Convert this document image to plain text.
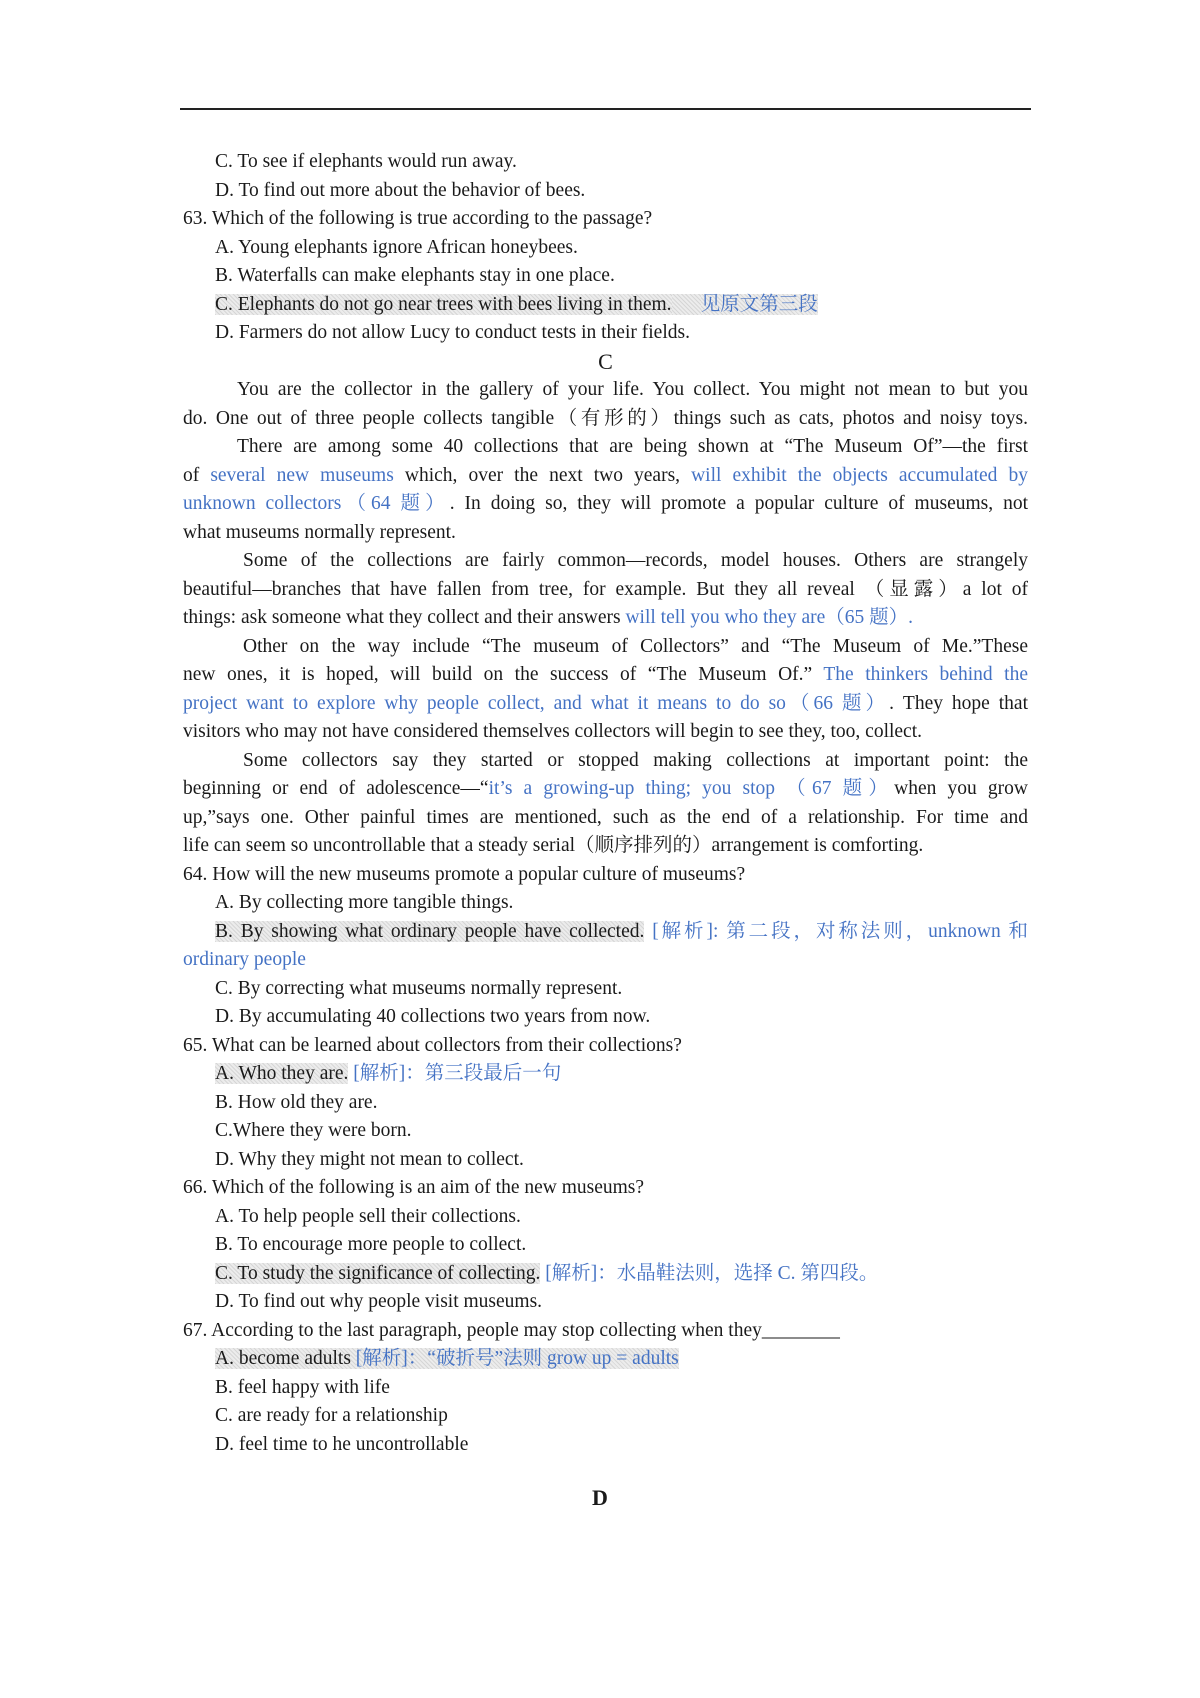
C. To see if elephants would run away.
D. To find out more about the behavior of bees.
63. Which of the following is true according to the passage?
A. Young elephants ignore African honeybees.
B. Waterfalls can make elephants stay in one place.
C. Elephants do not go near trees with bees living in them. 见原文第三段
D. Farmers do not allow Lucy to conduct tests in their fields.
C
You are the collector in the gallery of your life. You collect. You might not mean to but you
do. One out of three people collects tangible（有形的）things such as cats, photos and noisy toys.
There are among some 40 collections that are being shown at “The Museum Of”—the first
of several new museums which, over the next two years, will exhibit the objects accumulated by
unknown collectors（64 题）. In doing so, they will promote a popular culture of museums, not
what museums normally represent.
Some of the collections are fairly common—records, model houses. Others are strangely
beautiful—branches that have fallen from tree, for example. But they all reveal （显露）a lot of
things: ask someone what they collect and their answers will tell you who they are（65 题）.
Other on the way include “The museum of Collectors” and “The Museum of Me.”These
new ones, it is hoped, will build on the success of “The Museum Of.” The thinkers behind the
project want to explore why people collect, and what it means to do so（66 题）. They hope that
visitors who may not have considered themselves collectors will begin to see they, too, collect.
Some collectors say they started or stopped making collections at important point: the
beginning or end of adolescence—“it’s a growing-up thing; you stop （67 题）when you grow
up,”says one. Other painful times are mentioned, such as the end of a relationship. For time and
life can seem so uncontrollable that a steady serial（顺序排列的）arrangement is comforting.
64. How will the new museums promote a popular culture of museums?
A. By collecting more tangible things.
B. By showing what ordinary people have collected. [解析]: 第二段，对称法则，unknown 和
ordinary people
C. By correcting what museums normally represent.
D. By accumulating 40 collections two years from now.
65. What can be learned about collectors from their collections?
A. Who they are. [解析]：第三段最后一句
B. How old they are.
C.Where they were born.
D. Why they might not mean to collect.
66. Which of the following is an aim of the new museums?
A. To help people sell their collections.
B. To encourage more people to collect.
C. To study the significance of collecting. [解析]：水晶鞋法则，选择 C. 第四段。
D. To find out why people visit museums.
67. According to the last paragraph, people may stop collecting when they________
A. become adults [解析]：“破折号”法则 grow up = adults
B. feel happy with life
C. are ready for a relationship
D. feel time to he uncontrollable
D
